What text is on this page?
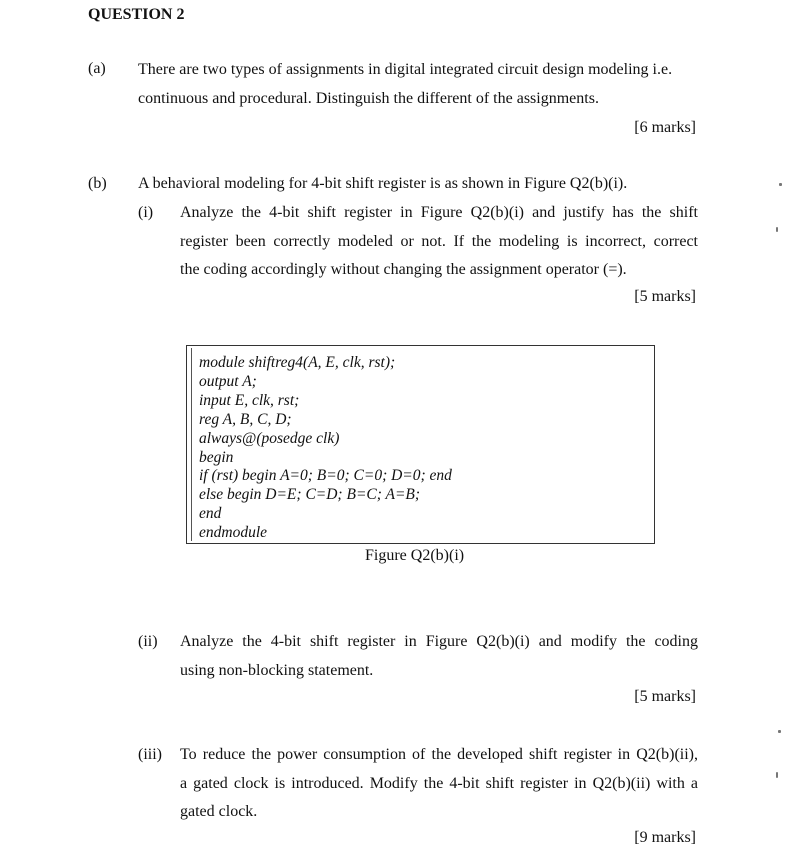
QUESTION 2
(a) There are two types of assignments in digital integrated circuit design modeling i.e.
continuous and procedural. Distinguish the different of the assignments.
[6 marks]
(b) A behavioral modeling for 4-bit shift register is as shown in Figure Q2(b)(i).
(i) Analyze the 4-bit shift register in Figure Q2(b)(i) and justify has the shift
register been correctly modeled or not. If the modeling is incorrect, correct
the coding accordingly without changing the assignment operator (=).
[5 marks]
module shiftreg4(A, E, clk, rst);
output A;
input E, clk, rst;
reg A, B, C, D;
always@(posedge clk)
begin
if (rst) begin A=0; B=0; C=0; D=0; end
else begin D=E; C=D; B=C; A=B;
end
endmodule
Figure Q2(b)(i)
(ii) Analyze the 4-bit shift register in Figure Q2(b)(i) and modify the coding
using non-blocking statement.
[5 marks]
(iii) To reduce the power consumption of the developed shift register in Q2(b)(ii),
a gated clock is introduced. Modify the 4-bit shift register in Q2(b)(ii) with a
gated clock.
[9 marks]
